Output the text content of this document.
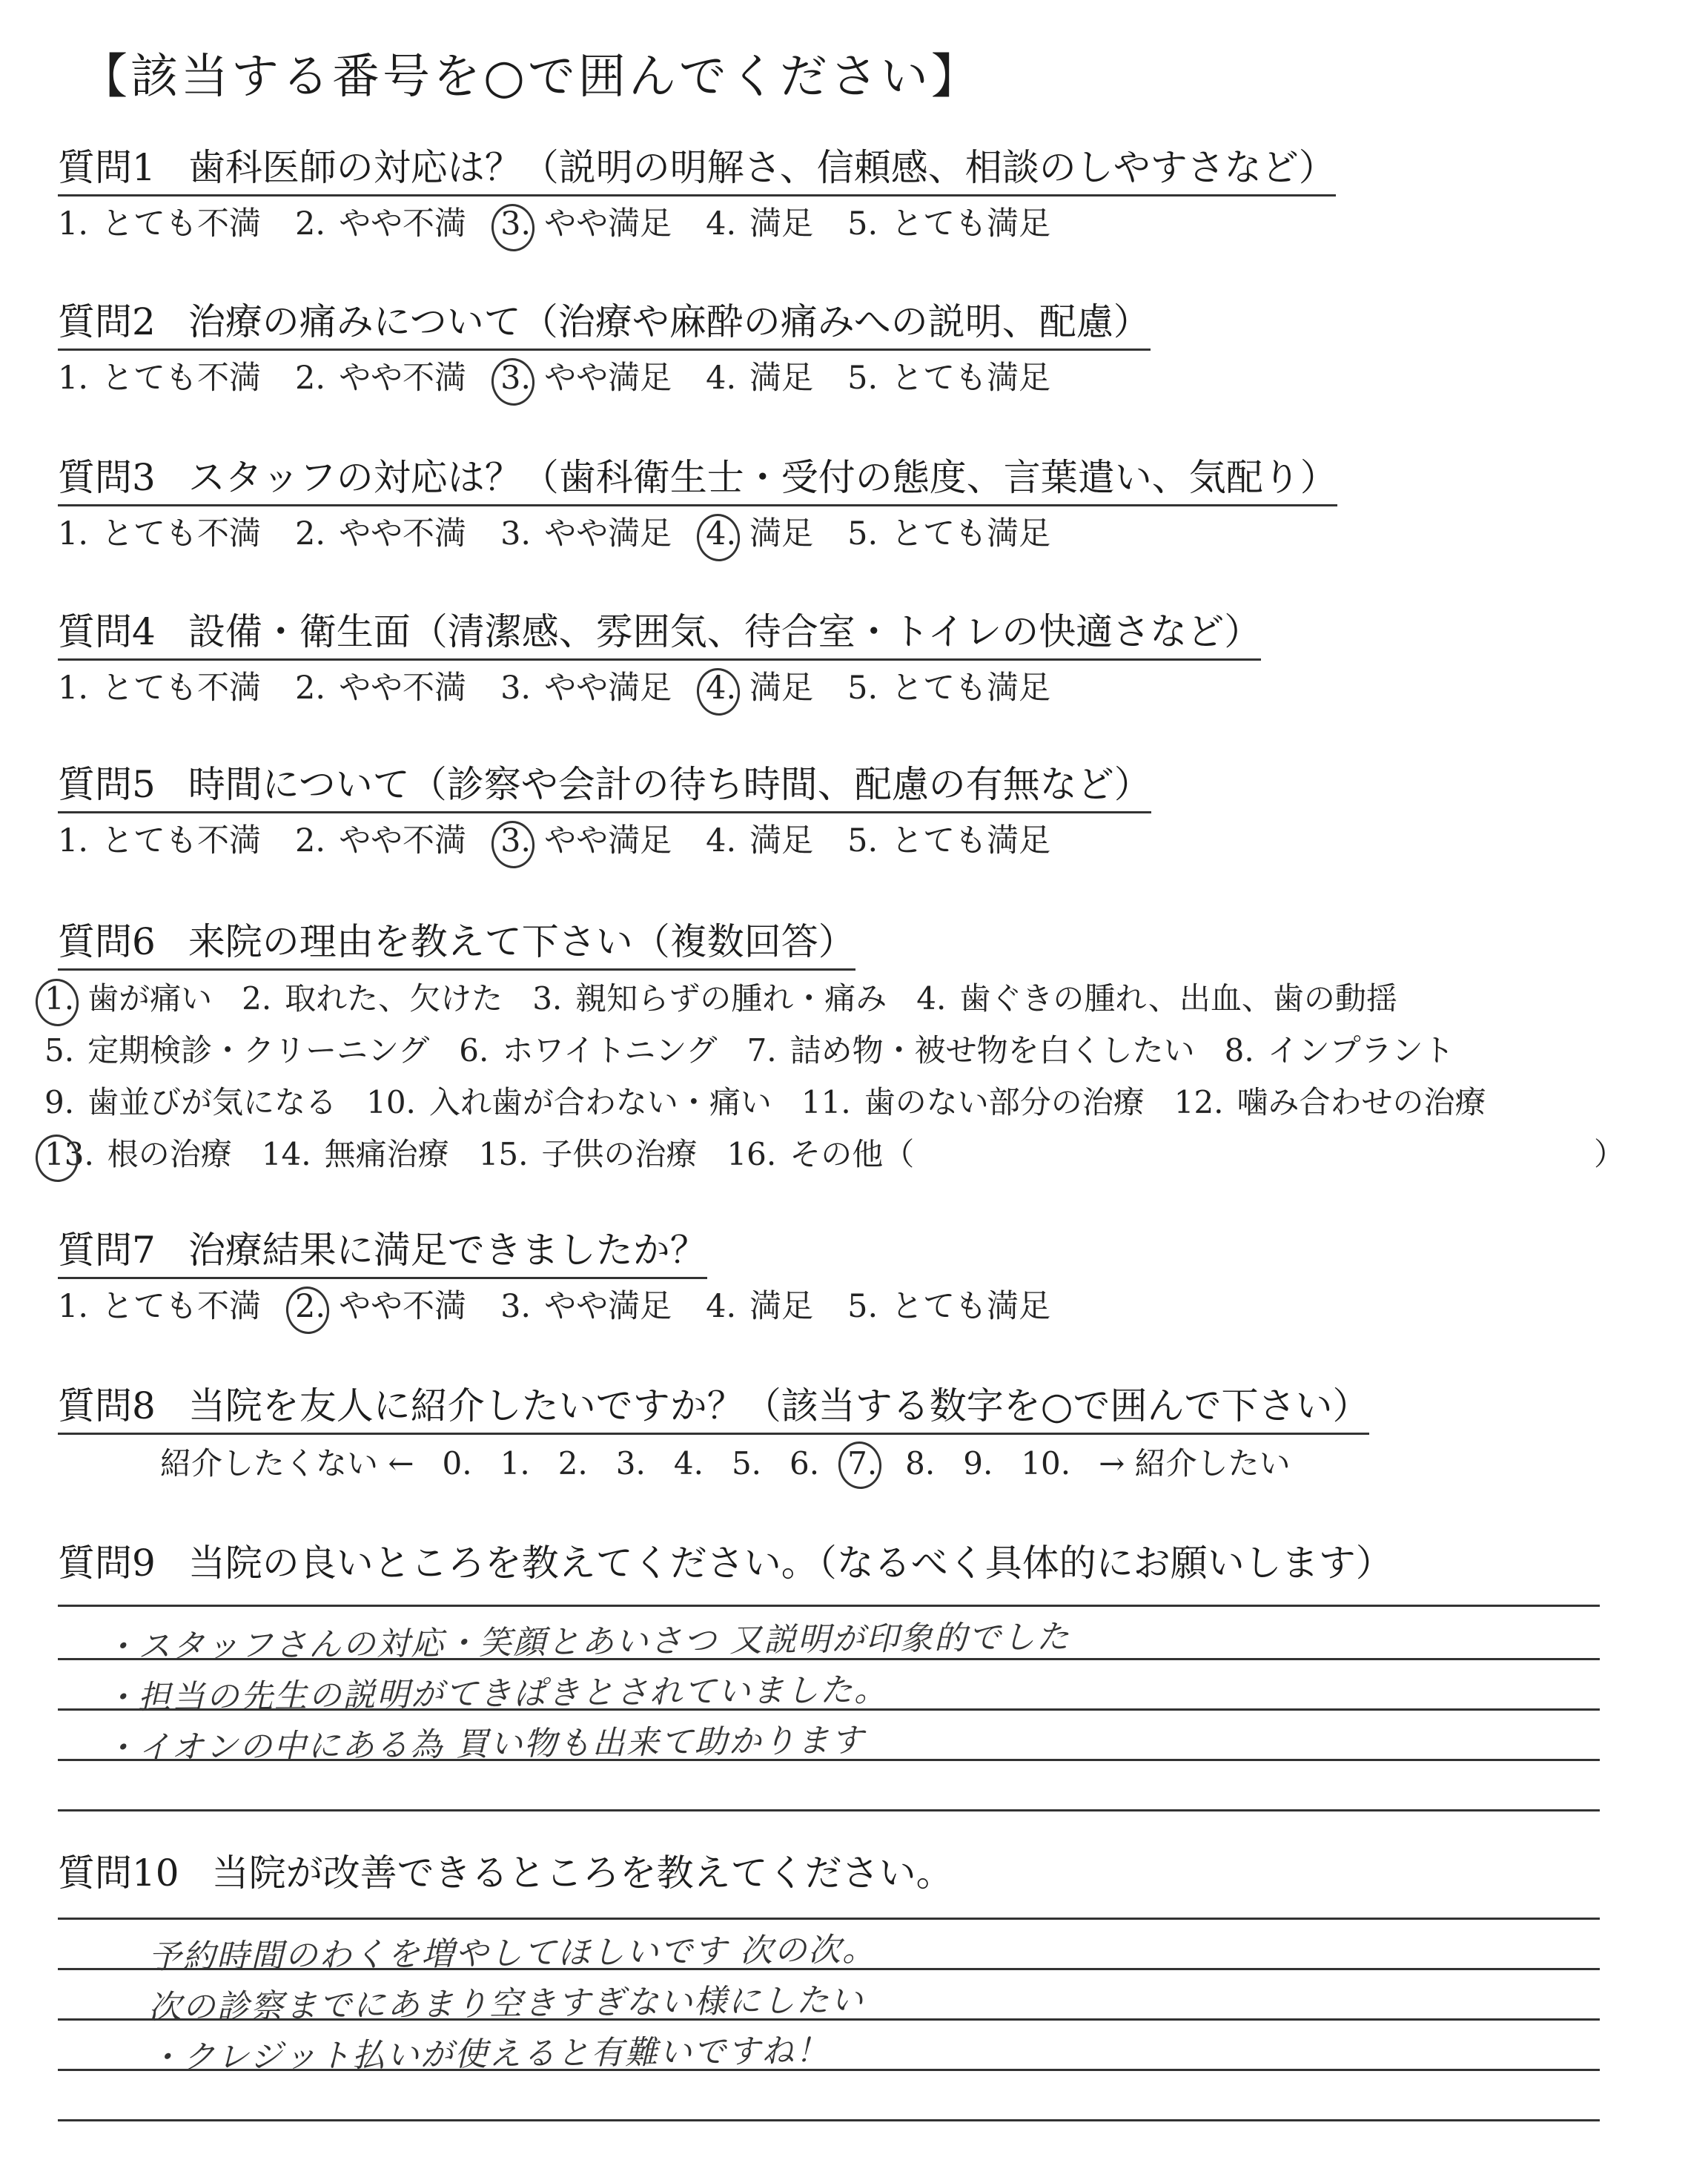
【該当する番号を○で囲んでください】
質問1 歯科医師の対応は？（説明の明解さ、信頼感、相談のしやすさなど）
1. とても不満 2. やや不満 3. やや満足 4. 満足 5. とても満足
質問2 治療の痛みについて（治療や麻酔の痛みへの説明、配慮）
1. とても不満 2. やや不満 3. やや満足 4. 満足 5. とても満足
質問3 スタッフの対応は？（歯科衛生士・受付の態度、言葉遣い、気配り）
1. とても不満 2. やや不満 3. やや満足 4. 満足 5. とても満足
質問4 設備・衛生面（清潔感、雰囲気、待合室・トイレの快適さなど）
1. とても不満 2. やや不満 3. やや満足 4. 満足 5. とても満足
質問5 時間について（診察や会計の待ち時間、配慮の有無など）
1. とても不満 2. やや不満 3. やや満足 4. 満足 5. とても満足
質問6 来院の理由を教えて下さい（複数回答）
1. 歯が痛い 2. 取れた、欠けた 3. 親知らずの腫れ・痛み 4. 歯ぐきの腫れ、出血、歯の動揺
5. 定期検診・クリーニング 6. ホワイトニング 7. 詰め物・被せ物を白くしたい 8. インプラント
9. 歯並びが気になる 10. 入れ歯が合わない・痛い 11. 歯のない部分の治療 12. 噛み合わせの治療
13. 根の治療 14. 無痛治療 15. 子供の治療 16. その他（	）
質問7 治療結果に満足できましたか？
1. とても不満 2. やや不満 3. やや満足 4. 満足 5. とても満足
質問8 当院を友人に紹介したいですか？（該当する数字を○で囲んで下さい）
紹介したくない ← 0. 1. 2. 3. 4. 5. 6. 7. 8. 9. 10. → 紹介したい
質問9 当院の良いところを教えてください。（なるべく具体的にお願いします）
・スタッフさんの対応・笑顔とあいさつ 又説明が印象的でした
・担当の先生の説明がてきぱきとされていました。
・イオンの中にある為 買い物も出来て助かります
質問10 当院が改善できるところを教えてください。
予約時間のわくを増やしてほしいです 次の次。
次の診察までにあまり空きすぎない様にしたい
・クレジット払いが使えると有難いですね！
